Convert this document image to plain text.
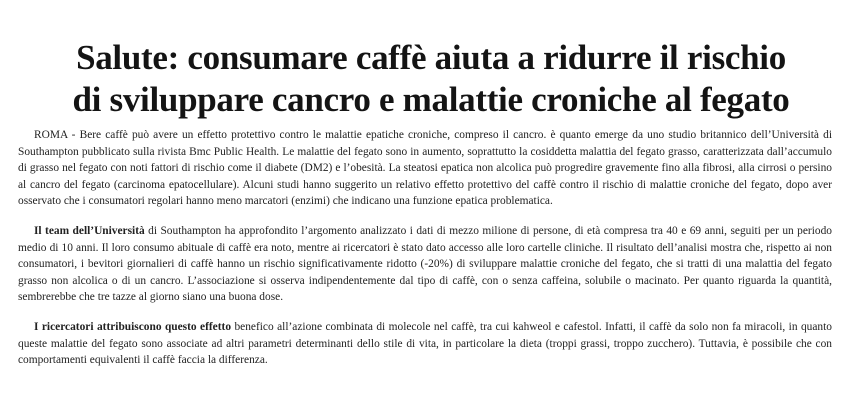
Salute: consumare caffè aiuta a ridurre il rischio
di sviluppare cancro e malattie croniche al fegato

ROMA - Bere caffè può avere un effetto protettivo contro le malattie epatiche croniche, compreso il cancro. è quanto emerge da uno studio britannico dell’Università di Southampton pubblicato sulla rivista Bmc Public Health. Le malattie del fegato sono in aumento, soprattutto la cosiddetta malattia del fegato grasso, caratterizzata dall’accumulo di grasso nel fegato con noti fattori di rischio come il diabete (DM2) e l’obesità. La steatosi epatica non alcolica può progredire gravemente fino alla fibrosi, alla cirrosi o persino al cancro del fegato (carcinoma epatocellulare). Alcuni studi hanno suggerito un relativo effetto protettivo del caffè contro il rischio di malattie croniche del fegato, dopo aver osservato che i consumatori regolari hanno meno marcatori (enzimi) che indicano una funzione epatica problematica.

Il team dell’Università di Southampton ha approfondito l’argomento analizzato i dati di mezzo milione di persone, di età compresa tra 40 e 69 anni, seguiti per un periodo medio di 10 anni. Il loro consumo abituale di caffè era noto, mentre ai ricercatori è stato dato accesso alle loro cartelle cliniche. Il risultato dell’analisi mostra che, rispetto ai non consumatori, i bevitori giornalieri di caffè hanno un rischio significativamente ridotto (-20%) di sviluppare malattie croniche del fegato, che si tratti di una malattia del fegato grasso non alcolica o di un cancro. L’associazione si osserva indipendentemente dal tipo di caffè, con o senza caffeina, solubile o macinato. Per quanto riguarda la quantità, sembrerebbe che tre tazze al giorno siano una buona dose.

I ricercatori attribuiscono questo effetto benefico all’azione combinata di molecole nel caffè, tra cui kahweol e cafestol. Infatti, il caffè da solo non fa miracoli, in quanto queste malattie del fegato sono associate ad altri parametri determinanti dello stile di vita, in particolare la dieta (troppi grassi, troppo zucchero). Tuttavia, è possibile che con comportamenti equivalenti il caffè faccia la differenza.
